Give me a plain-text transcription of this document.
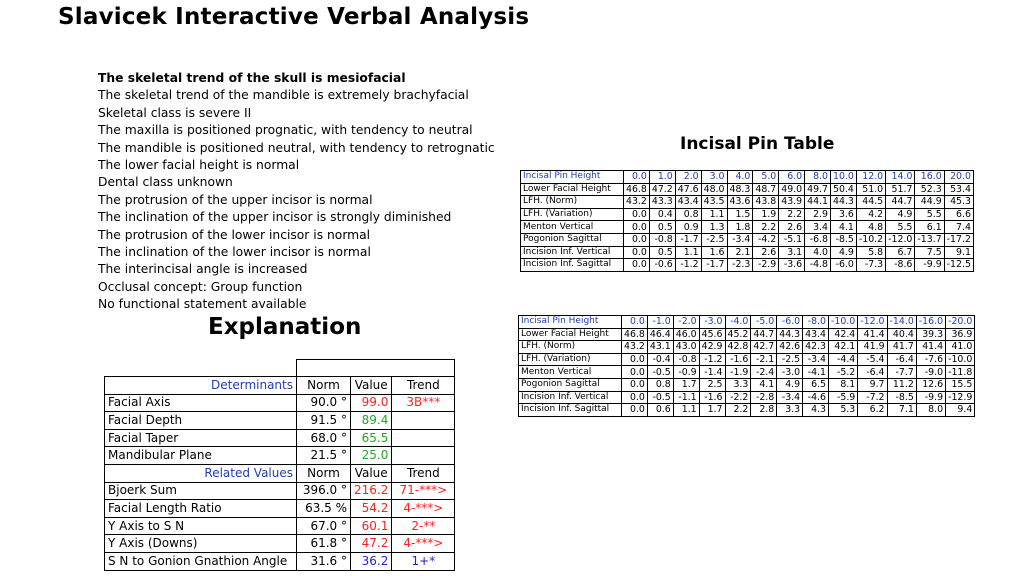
Slavicek Interactive Verbal Analysis
The skeletal trend of the skull is mesiofacial
The skeletal trend of the mandible is extremely brachyfacial
Skeletal class is severe II
The maxilla is positioned prognatic, with tendency to neutral
The mandible is positioned neutral, with tendency to retrognatic
The lower facial height is normal
Dental class unknown
The protrusion of the upper incisor is normal
The inclination of the upper incisor is strongly diminished
The protrusion of the lower incisor is normal
The inclination of the lower incisor is normal
The interincisal angle is increased
Occlusal concept: Group function
No functional statement available
Explanation
Incisal Pin Table

Determinants	Norm	Value	Trend
Facial Axis	90.0 °	99.0	3B***
Facial Depth	91.5 °	89.4	
Facial Taper	68.0 °	65.5	
Mandibular Plane	21.5 °	25.0	
Related Values	Norm	Value	Trend
Bjoerk Sum	396.0 °	216.2	71-***>
Facial Length Ratio	63.5 %	54.2	4-***>
Y Axis to S N	67.0 °	60.1	2-**
Y Axis (Downs)	61.8 °	47.2	4-***>
S N to Gonion Gnathion Angle	31.6 °	36.2	1+*
Incisal Pin Height	0.0	1.0	2.0	3.0	4.0	5.0	6.0	8.0	10.0	12.0	14.0	16.0	20.0
Lower Facial Height	46.8	47.2	47.6	48.0	48.3	48.7	49.0	49.7	50.4	51.0	51.7	52.3	53.4
LFH. (Norm)	43.2	43.3	43.4	43.5	43.6	43.8	43.9	44.1	44.3	44.5	44.7	44.9	45.3
LFH. (Variation)	0.0	0.4	0.8	1.1	1.5	1.9	2.2	2.9	3.6	4.2	4.9	5.5	6.6
Menton Vertical	0.0	0.5	0.9	1.3	1.8	2.2	2.6	3.4	4.1	4.8	5.5	6.1	7.4
Pogonion Sagittal	0.0	-0.8	-1.7	-2.5	-3.4	-4.2	-5.1	-6.8	-8.5	-10.2	-12.0	-13.7	-17.2
Incision Inf. Vertical	0.0	0.5	1.1	1.6	2.1	2.6	3.1	4.0	4.9	5.8	6.7	7.5	9.1
Incision Inf. Sagittal	0.0	-0.6	-1.2	-1.7	-2.3	-2.9	-3.6	-4.8	-6.0	-7.3	-8.6	-9.9	-12.5
Incisal Pin Height	0.0	-1.0	-2.0	-3.0	-4.0	-5.0	-6.0	-8.0	-10.0	-12.0	-14.0	-16.0	-20.0
Lower Facial Height	46.8	46.4	46.0	45.6	45.2	44.7	44.3	43.4	42.4	41.4	40.4	39.3	36.9
LFH. (Norm)	43.2	43.1	43.0	42.9	42.8	42.7	42.6	42.3	42.1	41.9	41.7	41.4	41.0
LFH. (Variation)	0.0	-0.4	-0.8	-1.2	-1.6	-2.1	-2.5	-3.4	-4.4	-5.4	-6.4	-7.6	-10.0
Menton Vertical	0.0	-0.5	-0.9	-1.4	-1.9	-2.4	-3.0	-4.1	-5.2	-6.4	-7.7	-9.0	-11.8
Pogonion Sagittal	0.0	0.8	1.7	2.5	3.3	4.1	4.9	6.5	8.1	9.7	11.2	12.6	15.5
Incision Inf. Vertical	0.0	-0.5	-1.1	-1.6	-2.2	-2.8	-3.4	-4.6	-5.9	-7.2	-8.5	-9.9	-12.9
Incision Inf. Sagittal	0.0	0.6	1.1	1.7	2.2	2.8	3.3	4.3	5.3	6.2	7.1	8.0	9.4
